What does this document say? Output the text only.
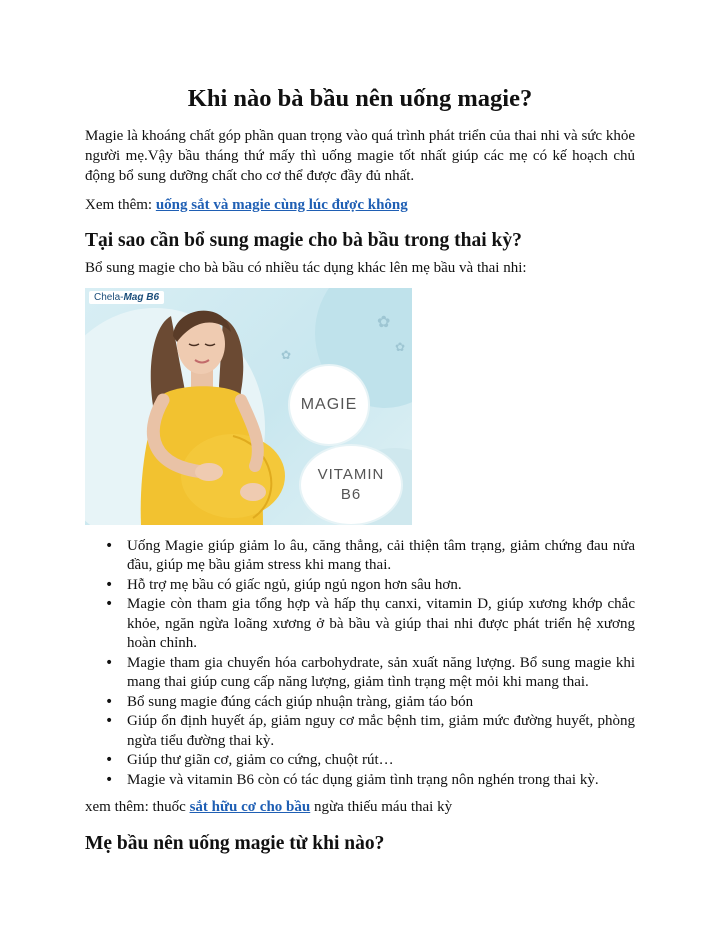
Khi nào bà bầu nên uống magie?

Magie là khoáng chất góp phần quan trọng vào quá trình phát triển của thai nhi và sức khỏe người mẹ.Vậy bầu tháng thứ mấy thì uống magie tốt nhất giúp các mẹ có kế hoạch chủ động bổ sung dưỡng chất cho cơ thể được đầy đủ nhất.

Xem thêm: uống sắt và magie cùng lúc được không

Tại sao cần bổ sung magie cho bà bầu trong thai kỳ?

Bổ sung magie cho bà bầu có nhiều tác dụng khác lên mẹ bầu và thai nhi:

Chela-Mag B6
✿
✿
✿
MAGIE
VITAMIN
B6
• Uống Magie giúp giảm lo âu, căng thẳng, cải thiện tâm trạng, giảm chứng đau nửa đầu, giúp mẹ bầu giảm stress khi mang thai.
• Hỗ trợ mẹ bầu có giấc ngủ, giúp ngủ ngon hơn sâu hơn.
• Magie còn tham gia tổng hợp và hấp thụ canxi, vitamin D, giúp xương khớp chắc khỏe, ngăn ngừa loãng xương ở bà bầu và giúp thai nhi được phát triển hệ xương hoàn chỉnh.
• Magie tham gia chuyển hóa carbohydrate, sản xuất năng lượng. Bổ sung magie khi mang thai giúp cung cấp năng lượng, giảm tình trạng mệt mỏi khi mang thai.
• Bổ sung magie đúng cách giúp nhuận tràng, giảm táo bón
• Giúp ổn định huyết áp, giảm nguy cơ mắc bệnh tim, giảm mức đường huyết, phòng ngừa tiểu đường thai kỳ.
• Giúp thư giãn cơ, giảm co cứng, chuột rút…
• Magie và vitamin B6 còn có tác dụng giảm tình trạng nôn nghén trong thai kỳ.

xem thêm: thuốc sắt hữu cơ cho bầu ngừa thiếu máu thai kỳ

Mẹ bầu nên uống magie từ khi nào?
